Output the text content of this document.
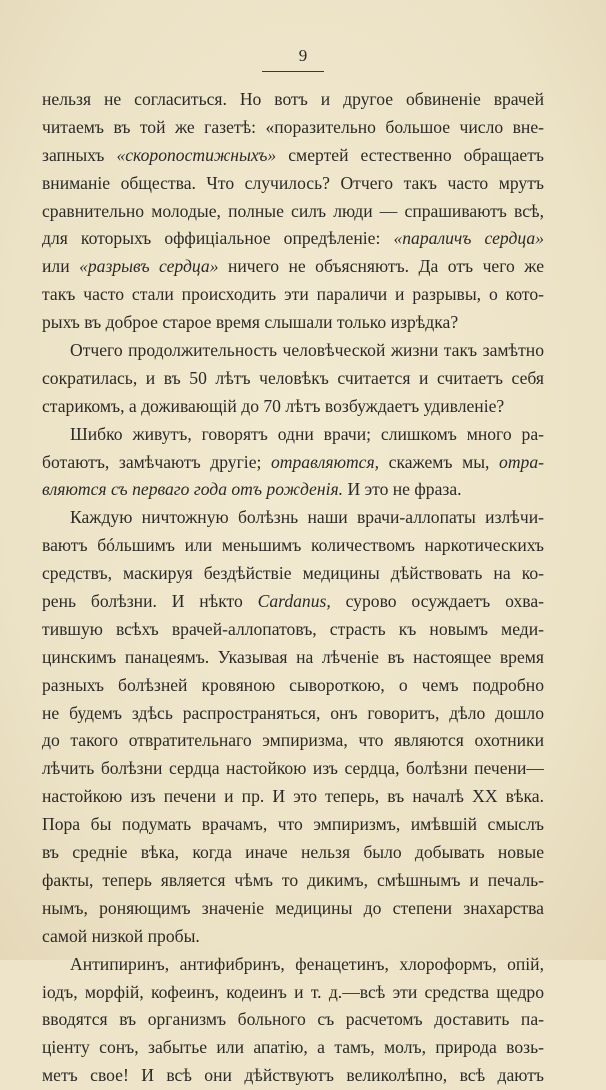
9
нельзя не согласиться. Но вотъ и другое обвиненіе врачей
читаемъ въ той же газетѣ: «поразительно большое число вне-
запныхъ «скоропостижныхъ» смертей естественно обращаетъ
вниманіе общества. Что случилось? Отчего такъ часто мрутъ
сравнительно молодые, полные силъ люди — спрашиваютъ всѣ,
для которыхъ оффиціальное опредѣленіе: «параличъ сердца»
или «разрывъ сердца» ничего не объясняютъ. Да отъ чего же
такъ часто стали происходить эти параличи и разрывы, о кото-
рыхъ въ доброе старое время слышали только изрѣдка?
Отчего продолжительность человѣческой жизни такъ замѣтно
сократилась, и въ 50 лѣтъ человѣкъ считается и считаетъ себя
старикомъ, а доживающій до 70 лѣтъ возбуждаетъ удивленіе?
Шибко живутъ, говорятъ одни врачи; слишкомъ много ра-
ботаютъ, замѣчаютъ другіе; отравляются, скажемъ мы, отра-
вляются съ перваго года отъ рожденія. И это не фраза.
Каждую ничтожную болѣзнь наши врачи-аллопаты излѣчи-
ваютъ бóльшимъ или меньшимъ количествомъ наркотическихъ
средствъ, маскируя бездѣйствіе медицины дѣйствовать на ко-
рень болѣзни. И нѣкто Cardanus, сурово осуждаетъ охва-
тившую всѣхъ врачей-аллопатовъ, страсть къ новымъ меди-
цинскимъ панацеямъ. Указывая на лѣченіе въ настоящее время
разныхъ болѣзней кровяною сывороткою, о чемъ подробно
не будемъ здѣсь распространяться, онъ говоритъ, дѣло дошло
до такого отвратительнаго эмпиризма, что являются охотники
лѣчить болѣзни сердца настойкою изъ сердца, болѣзни печени—
настойкою изъ печени и пр. И это теперь, въ началѣ XX вѣка.
Пора бы подумать врачамъ, что эмпиризмъ, имѣвшій смыслъ
въ средніе вѣка, когда иначе нельзя было добывать новые
факты, теперь является чѣмъ то дикимъ, смѣшнымъ и печаль-
нымъ, роняющимъ значеніе медицины до степени знахарства
самой низкой пробы.
Антипиринъ, антифибринъ, фенацетинъ, хлороформъ, опій,
іодъ, морфій, кофеинъ, кодеинъ и т. д.—всѣ эти средства щедро
вводятся въ организмъ больного съ расчетомъ доставить па-
ціенту сонъ, забытье или апатію, а тамъ, молъ, природа возь-
метъ свое! И всѣ они дѣйствуютъ великолѣпно, всѣ даютъ
